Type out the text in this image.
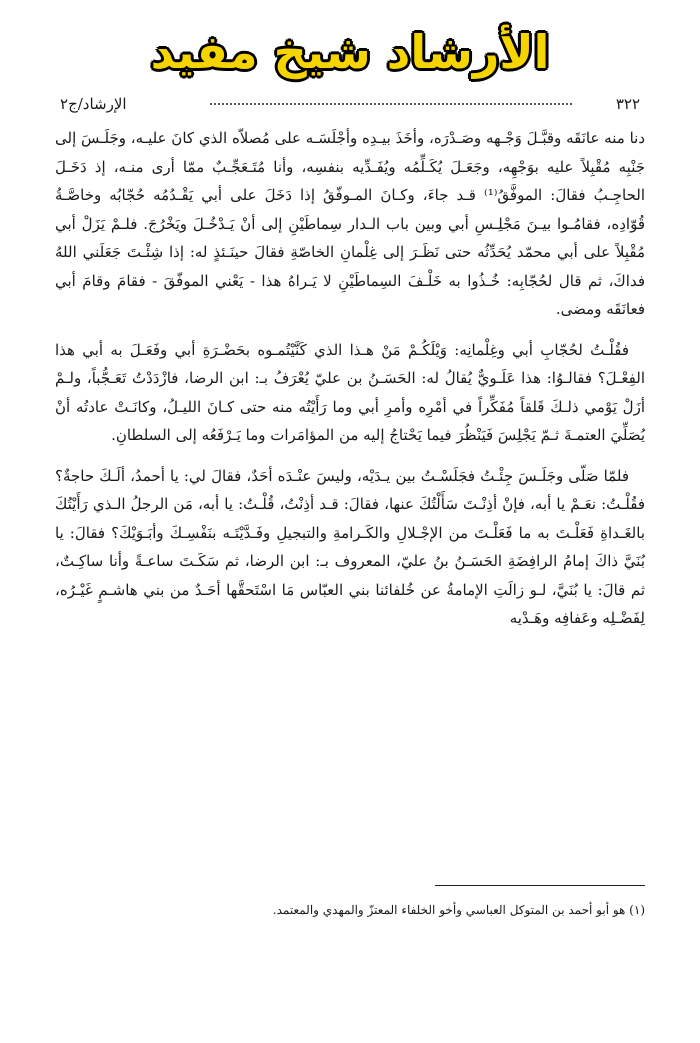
الأرشاد شيخ مفيد
٣٢٢
الإرشاد/ج٢

دنا منه عانَقَه وقبَّـلَ وَجْـهه وصَـدْرَه، وأخَذَ بيـدِه وأجْلَسَـه على مُصلاّه الذي كانَ عليـه، وجَلَـسَ إلى جَنْبِه مُقْبِلاً عليه بوَجْهِه، وجَعَـلَ يُكَـلِّمُه ويُفَـدِّيه بنفسِه، وأنا مُتَـعَجِّـبٌ ممّا أرى منـه، إذ دَخَـلَ الحاجِـبُ فقالَ: الموفَّقُ⁽¹⁾ قـد جاءَ، وكـانَ المـوفّقُ إذا دَخَلَ على أبي يَقْـدُمُه حُجّابُه وخاصَّـةُ قُوّادِه، فقامُـوا بيـنَ مَجْلِـسِ أبي وبين باب الـدار سِماطَيْنِ إلى أنْ يَـدْخُـلَ ويَخْرُجَ. فلـمْ يَزَلْ أبي مُقْبِلاً على أبي محمّد يُحَدِّثُه حتى نَظَـرَ إلى غِلْمانِ الخاصّةِ فقالَ حينَـئذٍ له: إذا شِئْـتَ جَعَلَني اللهُ فداكَ، ثم قال لحُجّابِه: خُـذُوا به خَلْـفَ السِماطَيْنِ لا يَـراهُ هذا - يَعْني الموفّقَ - فقامَ وقامَ أبي فعانَقَه ومضى.

فقُلْـتُ لحُجّابِ أبي وغِلْمانِه: وَيْلَكُـمْ مَنْ هـذا الذي كَنَّيْتُمـوه بحَضْـرَةِ أبي وفَعَـلَ به أبي هذا الفِعْـلَ؟ فقالـوُا: هذا عَلَـويٌّ يُقالُ له: الحَسَـنُ بن عليّ يُعْرَفُ بـ: ابن الرضا، فازْدَدْتُ تَعَـجُّباً، ولـمْ أزَلْ يَوْمي ذلـكَ قَلقاً مُفَكِّراً في أمْرِه وأمرِ أبي وما رَأَيْتُه منه حتى كـانَ الليـلُ، وكانَـتْ عادتُه أنْ يُصَلِّيَ العتمـةَ ثـمّ يَجْلِسَ فَيَنْظُرَ فيما يَحْتاجُ إليه من المؤامَرات وما يَـرْفَعُه إلى السلطانِ.

فلمّا صَلّى وجَلَـسَ جِئْـتُ فجَلَسْـتُ بين يـدَيْه، وليسَ عنْـدَه أحَدٌ، فقالَ لي: يا أحمدُ، ألَـكَ حاجةٌ؟ فقُلْـتُ: نعَـمْ يا أبه، فإنْ أذِنْـتَ سَأَلْتُكَ عنها، فقالَ: قـد أذِنْتُ، قُلْـتُ: يا أبه، مَن الرجلُ الـذي رَأَيْتُكَ بالغَـداةِ فَعَلْـتَ به ما فَعَلْـتَ من الإجْـلالِ والكَـرامةِ والتبجيلِ وفَـدَّيْتَـه بنَفْسِـكَ وأبَـوَيْكَ؟ فقالَ: يا بُنَيَّ ذاكَ إمامُ الرافِضَةِ الحَسَـنُ بنُ عليّ، المعروف بـ: ابن الرضا، ثم سَكَـتَ ساعـةً وأنا ساكِـتٌ، ثم قالَ: يا بُنَيَّ، لـو زالَتِ الإمامةُ عن خُلفائنا بني العبّاس مَا اسْتَحقَّها أحَـدٌ من بني هاشـمٍ غَيْـرُه، لِفَضْـلِه وعَفافِه وهَـدْيه

(١) هو أبو أحمد بن المتوكل العباسي وأخو الخلفاء المعتزّ والمهدي والمعتمد.
